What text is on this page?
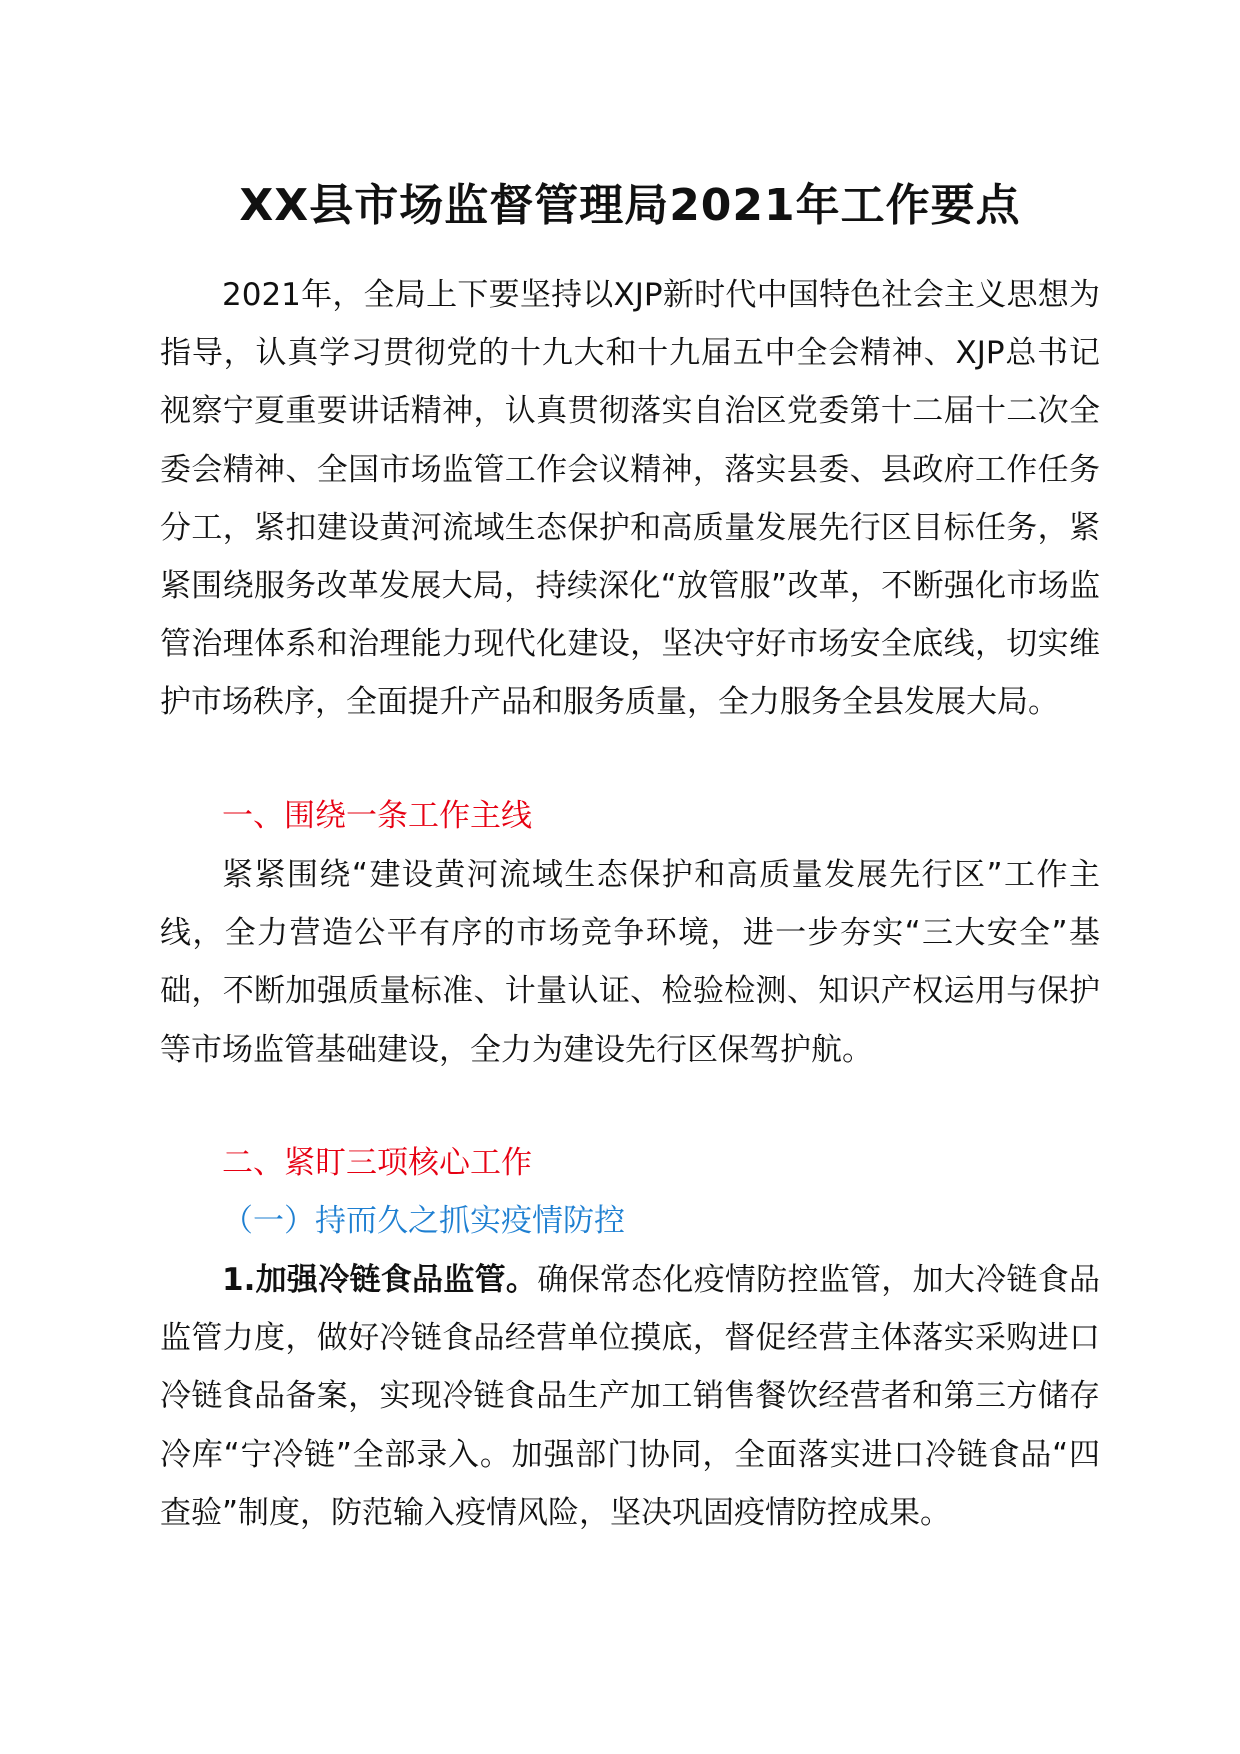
XX县市场监督管理局2021年工作要点

2021年，全局上下要坚持以XJP新时代中国特色社会主义思想为指导，认真学习贯彻党的十九大和十九届五中全会精神、XJP总书记视察宁夏重要讲话精神，认真贯彻落实自治区党委第十二届十二次全委会精神、全国市场监管工作会议精神，落实县委、县政府工作任务分工，紧扣建设黄河流域生态保护和高质量发展先行区目标任务，紧紧围绕服务改革发展大局，持续深化“放管服”改革，不断强化市场监管治理体系和治理能力现代化建设，坚决守好市场安全底线，切实维护市场秩序，全面提升产品和服务质量，全力服务全县发展大局。

一、围绕一条工作主线

紧紧围绕“建设黄河流域生态保护和高质量发展先行区”工作主线，全力营造公平有序的市场竞争环境，进一步夯实“三大安全”基础，不断加强质量标准、计量认证、检验检测、知识产权运用与保护等市场监管基础建设，全力为建设先行区保驾护航。

二、紧盯三项核心工作

（一）持而久之抓实疫情防控

1.加强冷链食品监管。确保常态化疫情防控监管，加大冷链食品监管力度，做好冷链食品经营单位摸底，督促经营主体落实采购进口冷链食品备案，实现冷链食品生产加工销售餐饮经营者和第三方储存冷库“宁冷链”全部录入。加强部门协同，全面落实进口冷链食品“四查验”制度，防范输入疫情风险，坚决巩固疫情防控成果。
